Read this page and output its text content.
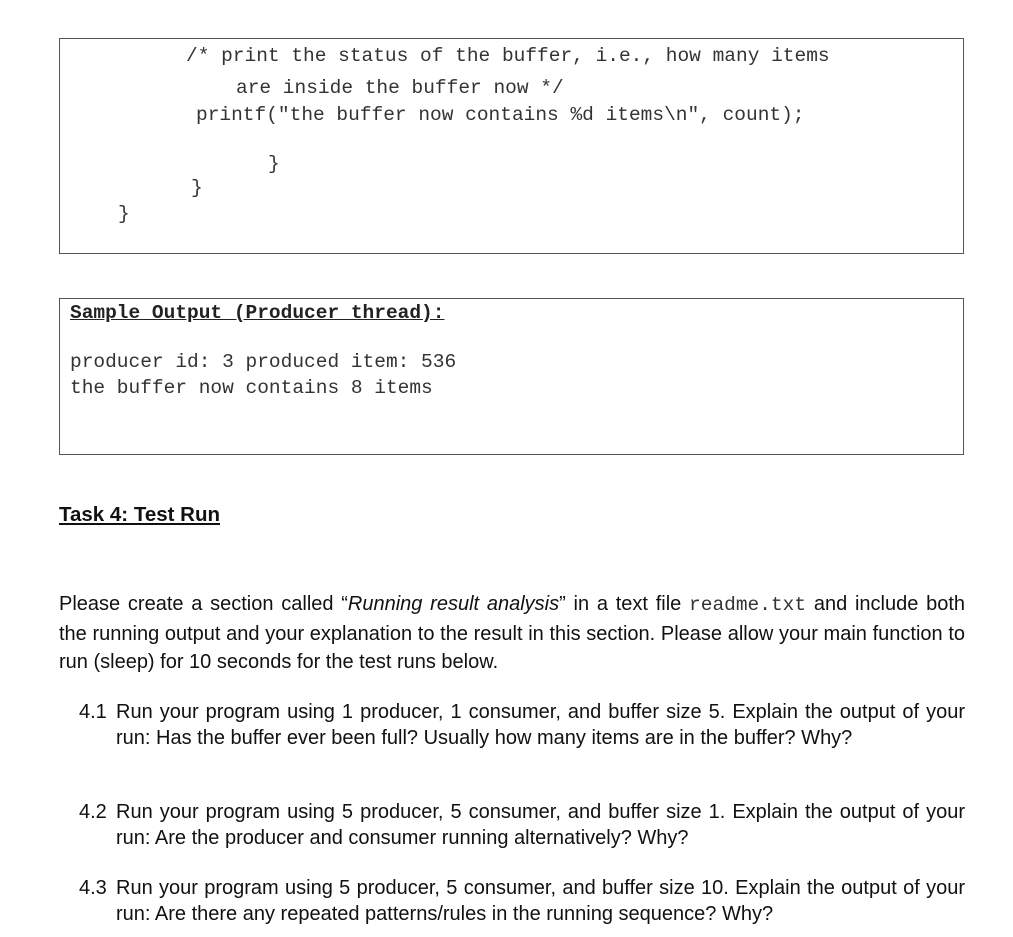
/* print the status of the buffer, i.e., how many items

are inside the buffer now */

printf("the buffer now contains %d items\n", count);

}

}

}

Sample Output (Producer thread):

producer id: 3 produced item: 536

the buffer now contains 8 items

Task 4: Test Run

Please create a section called “Running result analysis” in a text file readme.txt and include both the running output and your explanation to the result in this section. Please allow your main function to run (sleep) for 10 seconds for the test runs below.

4.1 Run your program using 1 producer, 1 consumer, and buffer size 5. Explain the output of your run: Has the buffer ever been full? Usually how many items are in the buffer? Why?

4.2 Run your program using 5 producer, 5 consumer, and buffer size 1. Explain the output of your run: Are the producer and consumer running alternatively? Why?

4.3 Run your program using 5 producer, 5 consumer, and buffer size 10. Explain the output of your run: Are there any repeated patterns/rules in the running sequence? Why?
